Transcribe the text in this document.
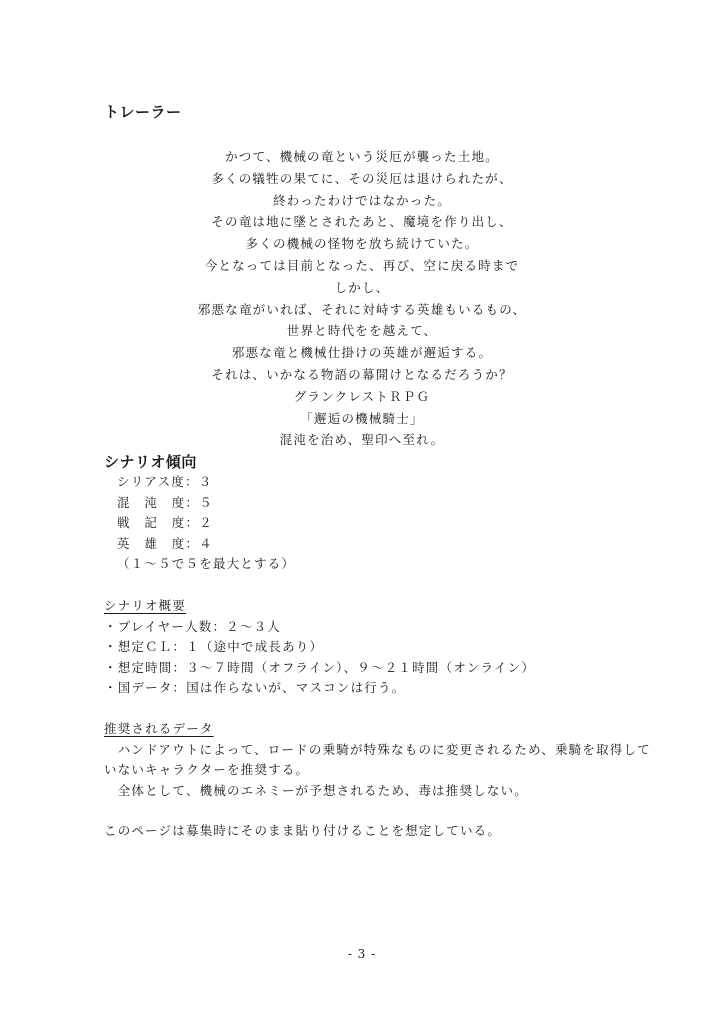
トレーラー
かつて、機械の竜という災厄が襲った土地。
多くの犠牲の果てに、その災厄は退けられたが、
終わったわけではなかった。
その竜は地に墜とされたあと、魔境を作り出し、
多くの機械の怪物を放ち続けていた。
今となっては目前となった、再び、空に戻る時まで
しかし、
邪悪な竜がいれば、それに対峙する英雄もいるもの、
世界と時代をを越えて、
邪悪な竜と機械仕掛けの英雄が邂逅する。
それは、いかなる物語の幕開けとなるだろうか？
グランクレストＲＰＧ
「邂逅の機械騎士」
混沌を治め、聖印へ至れ。
シナリオ傾向
シリアス度：３
混　沌　度：５
戦　記　度：２
英　雄　度：４
（１～５で５を最大とする）
シナリオ概要
・プレイヤー人数：２～３人
・想定ＣＬ：１（途中で成長あり）
・想定時間：３～７時間（オフライン）、９～２１時間（オンライン）
・国データ：国は作らないが、マスコンは行う。
推奨されるデータ
　ハンドアウトによって、ロードの乗騎が特殊なものに変更されるため、乗騎を取得して
いないキャラクターを推奨する。
　全体として、機械のエネミーが予想されるため、毒は推奨しない。
このページは募集時にそのまま貼り付けることを想定している。
- 3 -
